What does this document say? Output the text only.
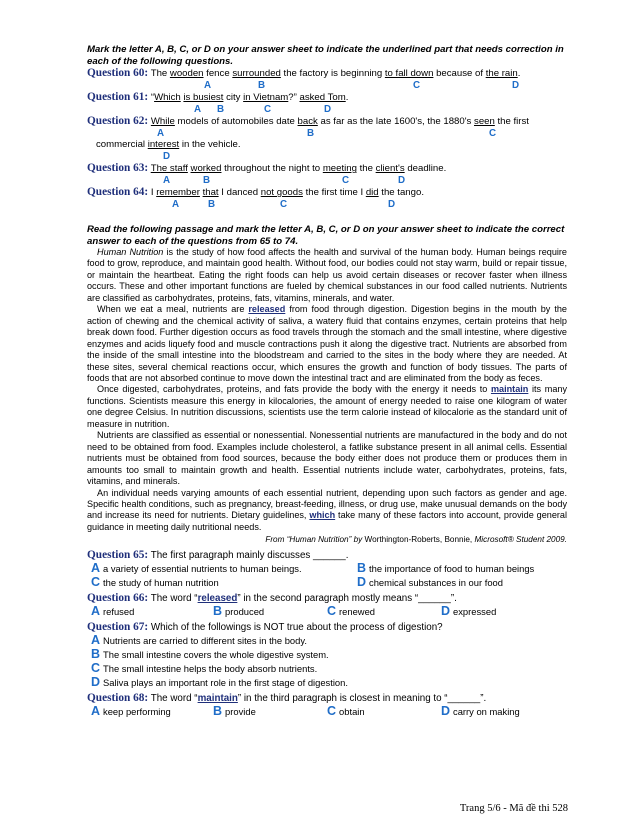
Mark the letter A, B, C, or D on your answer sheet to indicate the underlined part that needs correction in each of the following questions.

Question 60: The wooden fence surrounded the factory is beginning to fall down because of the rain.

A	B	C	D

Question 61: “Which is busiest city in Vietnam?” asked Tom.

A B	C	D

Question 62: While models of automobiles date back as far as the late 1600's, the 1880's seen the first

A	B	C

commercial interest in the vehicle.

D

Question 63: The staff worked throughout the night to meeting the client's deadline.

A	B	C	D

Question 64: I remember that I danced not goods the first time I did the tango.

A	B	C	D
Read the following passage and mark the letter A, B, C, or D on your answer sheet to indicate the correct answer to each of the questions from 65 to 74.

Human Nutrition is the study of how food affects the health and survival of the human body. Human beings require food to grow, reproduce, and maintain good health. Without food, our bodies could not stay warm, build or repair tissue, or maintain the heartbeat. Eating the right foods can help us avoid certain diseases or recover faster when illness occurs. These and other important functions are fueled by chemical substances in our food called nutrients. Nutrients are classified as carbohydrates, proteins, fats, vitamins, minerals, and water.

When we eat a meal, nutrients are released from food through digestion. Digestion begins in the mouth by the action of chewing and the chemical activity of saliva, a watery fluid that contains enzymes, certain proteins that help break down food. Further digestion occurs as food travels through the stomach and the small intestine, where digestive enzymes and acids liquefy food and muscle contractions push it along the digestive tract. Nutrients are absorbed from the inside of the small intestine into the bloodstream and carried to the sites in the body where they are needed. At these sites, several chemical reactions occur, which ensures the growth and function of body tissues. The parts of foods that are not absorbed continue to move down the intestinal tract and are eliminated from the body as feces.

Once digested, carbohydrates, proteins, and fats provide the body with the energy it needs to maintain its many functions. Scientists measure this energy in kilocalories, the amount of energy needed to raise one kilogram of water one degree Celsius. In nutrition discussions, scientists use the term calorie instead of kilocalorie as the standard unit of measure in nutrition.

Nutrients are classified as essential or nonessential. Nonessential nutrients are manufactured in the body and do not need to be obtained from food. Examples include cholesterol, a fatlike substance present in all animal cells. Essential nutrients must be obtained from food sources, because the body either does not produce them or produces them in amounts too small to maintain growth and health. Essential nutrients include water, carbohydrates, proteins, fats, vitamins, and minerals.

An individual needs varying amounts of each essential nutrient, depending upon such factors as gender and age. Specific health conditions, such as pregnancy, breast-feeding, illness, or drug use, make unusual demands on the body and increase its need for nutrients. Dietary guidelines, which take many of these factors into account, provide general guidance in meeting daily nutritional needs.

From “Human Nutrition” by Worthington-Roberts, Bonnie, Microsoft® Student 2009.

Question 65: The first paragraph mainly discusses ______.

A a variety of essential nutrients to human beings.	B the importance of food to human beings
C the study of human nutrition	D chemical substances in our food

Question 66: The word “released” in the second paragraph mostly means “______”.

A refused	B produced	C renewed	D expressed

Question 67: Which of the followings is NOT true about the process of digestion?

A Nutrients are carried to different sites in the body.
B The small intestine covers the whole digestive system.
C The small intestine helps the body absorb nutrients.
D Saliva plays an important role in the first stage of digestion.

Question 68: The word “maintain” in the third paragraph is closest in meaning to “______”.

A keep performing	B provide	C obtain	D carry on making
Trang 5/6 - Mã đề thi 528
